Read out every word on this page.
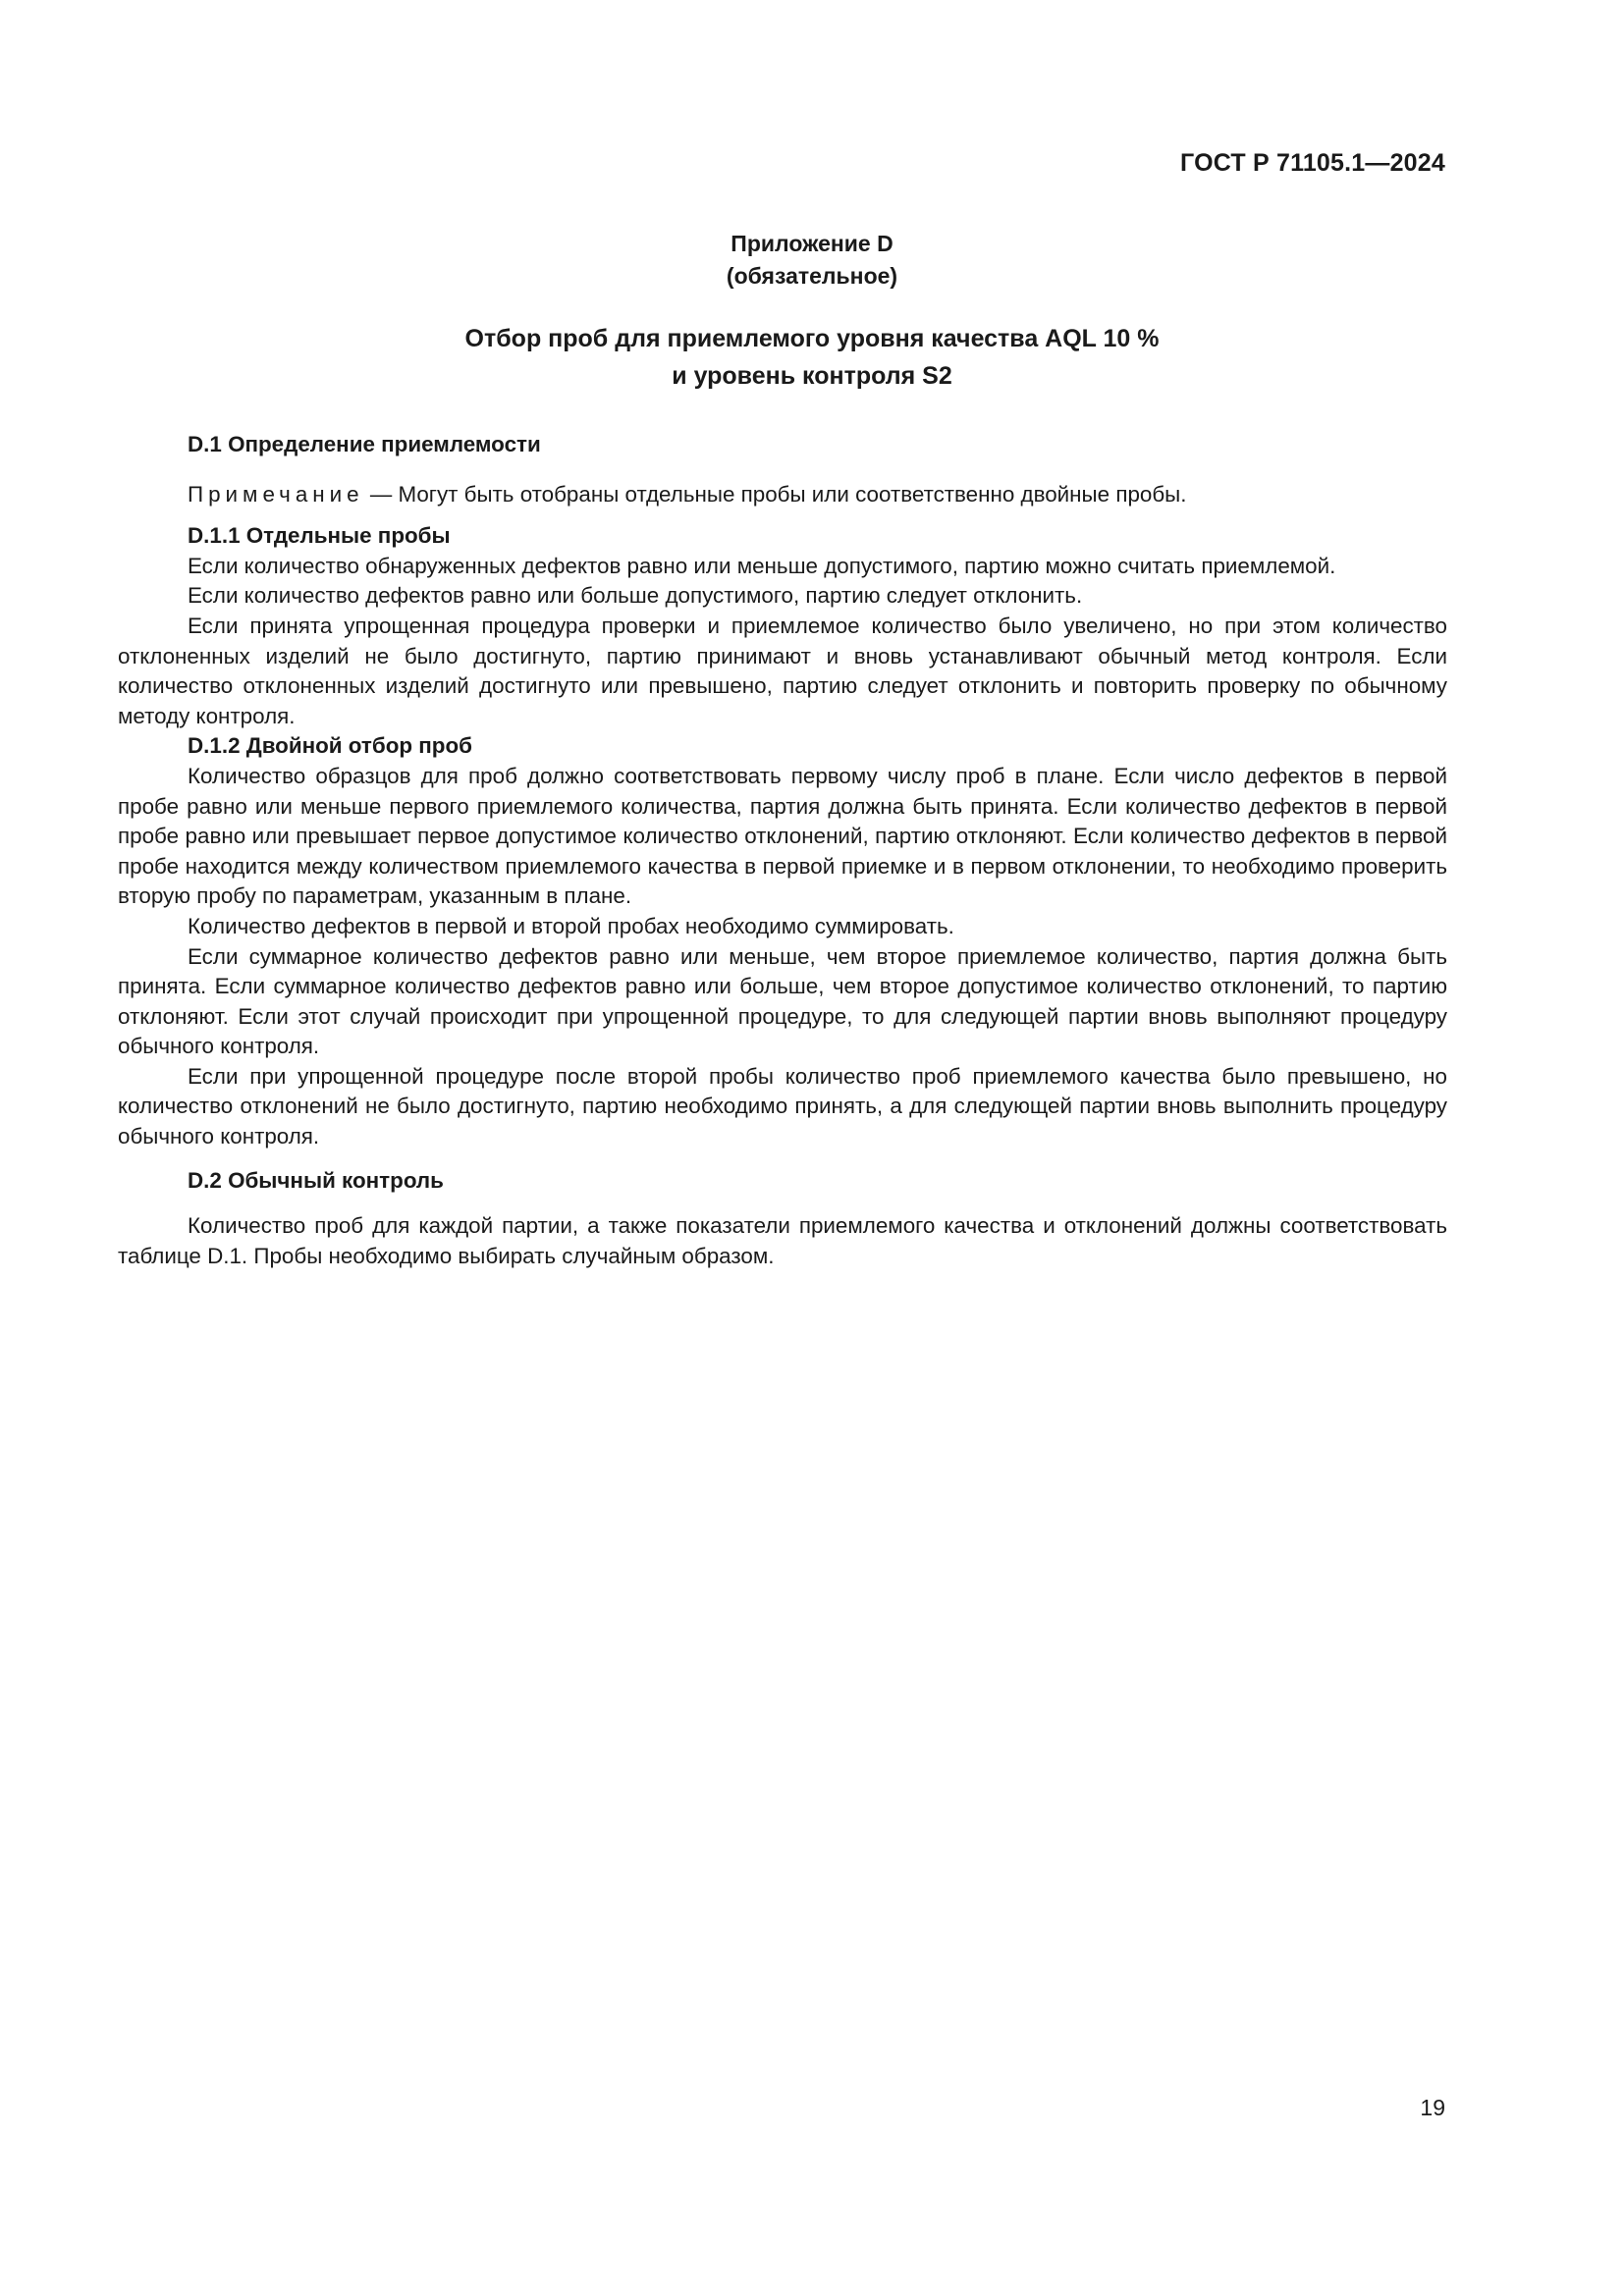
ГОСТ Р 71105.1—2024
Приложение D
(обязательное)
Отбор проб для приемлемого уровня качества AQL 10 %
и уровень контроля S2
D.1 Определение приемлемости
Примечание — Могут быть отобраны отдельные пробы или соответственно двойные пробы.
D.1.1 Отдельные пробы

Если количество обнаруженных дефектов равно или меньше допустимого, партию можно считать приемлемой.

Если количество дефектов равно или больше допустимого, партию следует отклонить.

Если принята упрощенная процедура проверки и приемлемое количество было увеличено, но при этом количество отклоненных изделий не было достигнуто, партию принимают и вновь устанавливают обычный метод контроля. Если количество отклоненных изделий достигнуто или превышено, партию следует отклонить и повторить проверку по обычному методу контроля.

D.1.2 Двойной отбор проб

Количество образцов для проб должно соответствовать первому числу проб в плане. Если число дефектов в первой пробе равно или меньше первого приемлемого количества, партия должна быть принята. Если количество дефектов в первой пробе равно или превышает первое допустимое количество отклонений, партию отклоняют. Если количество дефектов в первой пробе находится между количеством приемлемого качества в первой приемке и в первом отклонении, то необходимо проверить вторую пробу по параметрам, указанным в плане.

Количество дефектов в первой и второй пробах необходимо суммировать.

Если суммарное количество дефектов равно или меньше, чем второе приемлемое количество, партия должна быть принята. Если суммарное количество дефектов равно или больше, чем второе допустимое количество отклонений, то партию отклоняют. Если этот случай происходит при упрощенной процедуре, то для следующей партии вновь выполняют процедуру обычного контроля.

Если при упрощенной процедуре после второй пробы количество проб приемлемого качества было превышено, но количество отклонений не было достигнуто, партию необходимо принять, а для следующей партии вновь выполнить процедуру обычного контроля.

D.2 Обычный контроль

Количество проб для каждой партии, а также показатели приемлемого качества и отклонений должны соответствовать таблице D.1. Пробы необходимо выбирать случайным образом.

19
